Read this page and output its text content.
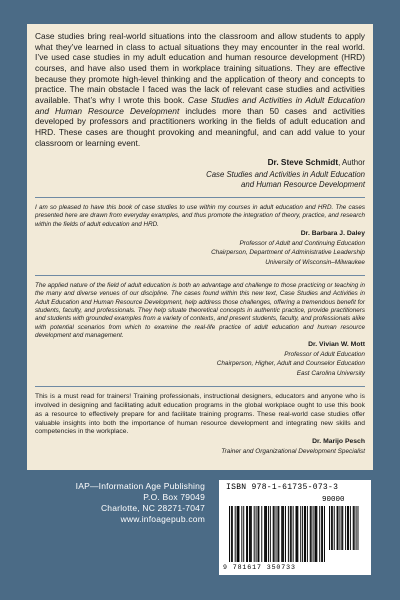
Case studies bring real-world situations into the classroom and allow students to apply what they’ve learned in class to actual situations they may encounter in the real world. I’ve used case studies in my adult education and human resource development (HRD) courses, and have also used them in workplace training situations. They are effective because they promote high-level thinking and the application of theory and concepts to practice. The main obstacle I faced was the lack of relevant case studies and activities available. That’s why I wrote this book. Case Studies and Activities in Adult Education and Human Resource Development includes more than 50 cases and activities developed by professors and practitioners working in the fields of adult education and HRD. These cases are thought provoking and meaningful, and can add value to your classroom or learning event.

Dr. Steve Schmidt, Author
Case Studies and Activities in Adult Education
and Human Resource Development

I am so pleased to have this book of case studies to use within my courses in adult education and HRD. The cases presented here are drawn from everyday examples, and thus promote the integration of theory, practice, and research within the fields of adult education and HRD.

Dr. Barbara J. Daley
Professor of Adult and Continuing Education
Chairperson, Department of Administrative Leadership
University of Wisconsin–Milwaukee

The applied nature of the field of adult education is both an advantage and challenge to those practicing or teaching in the many and diverse venues of our discipline. The cases found within this new text, Case Studies and Activities in Adult Education and Human Resource Development, help address those challenges, offering a tremendous benefit for students, faculty, and professionals. They help situate theoretical concepts in authentic practice, provide practitioners and students with grounded examples from a variety of contexts, and present students, faculty, and professionals alike with potential scenarios from which to examine the real-life practice of adult education and human resource development and management.

Dr. Vivian W. Mott
Professor of Adult Education
Chairperson, Higher, Adult and Counselor Education
East Carolina University

This is a must read for trainers! Training professionals, instructional designers, educators and anyone who is involved in designing and facilitating adult education programs in the global workplace ought to use this book as a resource to effectively prepare for and facilitate training programs. These real-world case studies offer valuable insights into both the importance of human resource development and integrating new skills and competencies in the workplace.

Dr. Marijo Pesch
Trainer and Organizational Development Specialist
IAP—Information Age Publishing
P.O. Box 79049
Charlotte, NC 28271-7047
www.infoagepub.com
ISBN 978-1-61735-073-3
90000
9 781617 350733
